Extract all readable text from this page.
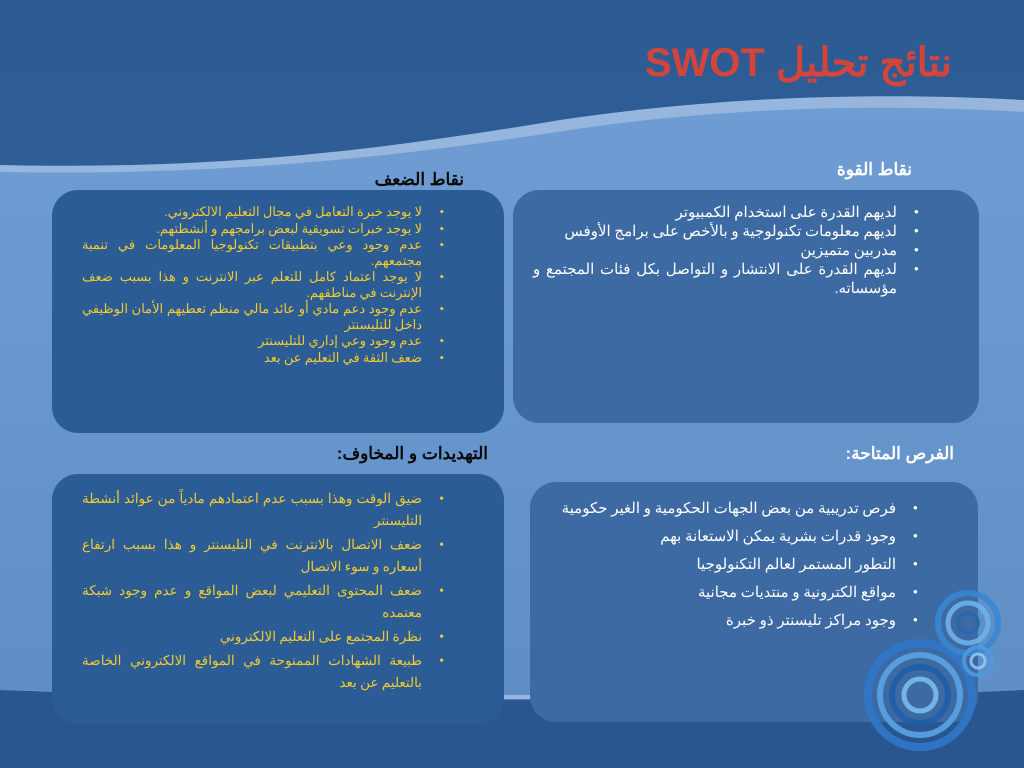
نتائج تحليل SWOT
نقاط القوة
نقاط الضعف
الفرص المتاحة:
التهديدات و المخاوف:
• لديهم القدرة على استخدام الكمبيوتر
• لديهم معلومات تكنولوجية و بالأخص على برامج الأوفس
• مدربين متميزين
• لديهم القدرة على الانتشار و التواصل بكل فئات المجتمع و مؤسساته.
• لا يوجد خبرة التعامل في مجال التعليم الالكتروني.
• لا يوجد خبرات تسويقية لبعض برامجهم و أنشطتهم.
• عدم وجود وعي بتطبيقات تكنولوجيا المعلومات في تنمية مجتمعهم.
• لا يوجد اعتماد كامل للتعلم عبر الانترنت و هذا بسبب ضعف الإنترنت في مناطقهم.
• عدم وجود دعم مادي أو عائد مالي منظم تعطيهم الأمان الوظيفي داخل للتليسنتر
• عدم وجود وعي إداري للتليسنتر
• ضعف الثقة في التعليم عن بعد
• ضيق الوقت وهذا بسبب عدم اعتمادهم مادياً من عوائد أنشطة التليسنتر
• ضعف الاتصال بالانترنت في التليسنتر و هذا بسبب ارتفاع أسعاره و سوء الاتصال
• ضعف المحتوى التعليمي لبعض المواقع و عدم وجود شبكة معتمده
• نظرة المجتمع على التعليم الالكتروني
• طبيعة الشهادات الممنوحة في المواقع الالكتروني الخاصة بالتعليم عن بعد
• فرص تدريبية من بعض الجهات الحكومية و الغير حكومية
• وجود قدرات بشرية يمكن الاستعانة بهم
• التطور المستمر لعالم التكنولوجيا
• مواقع الكترونية و منتديات مجانية
• وجود مراكز تليسنتر ذو خبرة
